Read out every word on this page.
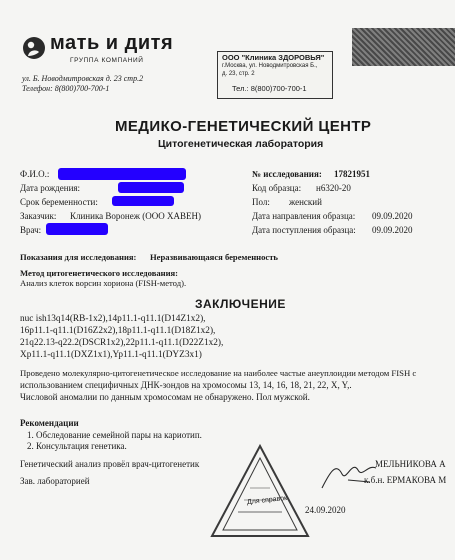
мать и дитя
ГРУППА КОМПАНИЙ
ул. Б. Новодмитровская д. 23 стр.2
Телефон: 8(800)700-700-1
ООО "Клиника ЗДОРОВЬЯ"
г.Москва, ул. Новодмитровская Б.,
д. 23, стр. 2
Тел.: 8(800)700-700-1
МЕДИКО-ГЕНЕТИЧЕСКИЙ ЦЕНТР
Цитогенетическая лаборатория
Ф.И.О.:
Дата рождения:
Срок беременности:
Заказчик: Клиника Воронеж (ООО ХАВЕН)
Врач:
№ исследования: 17821951
Код образца: н6320-20
Пол: женский
Дата направления образца: 09.09.2020
Дата поступления образца: 09.09.2020
Показания для исследования: Неразвивающаяся беременность
Метод цитогенетического исследования:
Анализ клеток ворсин хориона (FISH-метод).
ЗАКЛЮЧЕНИЕ
nuc ish13q14(RB-1x2),14p11.1-q11.1(D14Z1x2),
16p11.1-q11.1(D16Z2x2),18p11.1-q11.1(D18Z1x2),
21q22.13-q22.2(DSCR1x2),22p11.1-q11.1(D22Z1x2),
Xp11.1-q11.1(DXZ1x1),Yp11.1-q11.1(DYZ3x1)
Проведено молекулярно-цитогенетическое исследование на наиболее частые анеуплоидии методом FISH с
использованием специфичных ДНК-зондов на хромосомы 13, 14, 16, 18, 21, 22, X, Y,.
Числовой аномалии по данным хромосомам не обнаружено. Пол мужской.
Рекомендации
1. Обследование семейной пары на кариотип.
2. Консультация генетика.
Генетический анализ провёл врач-цитогенетик
Зав. лабораторией
МЕЛЬНИКОВА А
к.б.н. ЕРМАКОВА М
Для справок
24.09.2020
